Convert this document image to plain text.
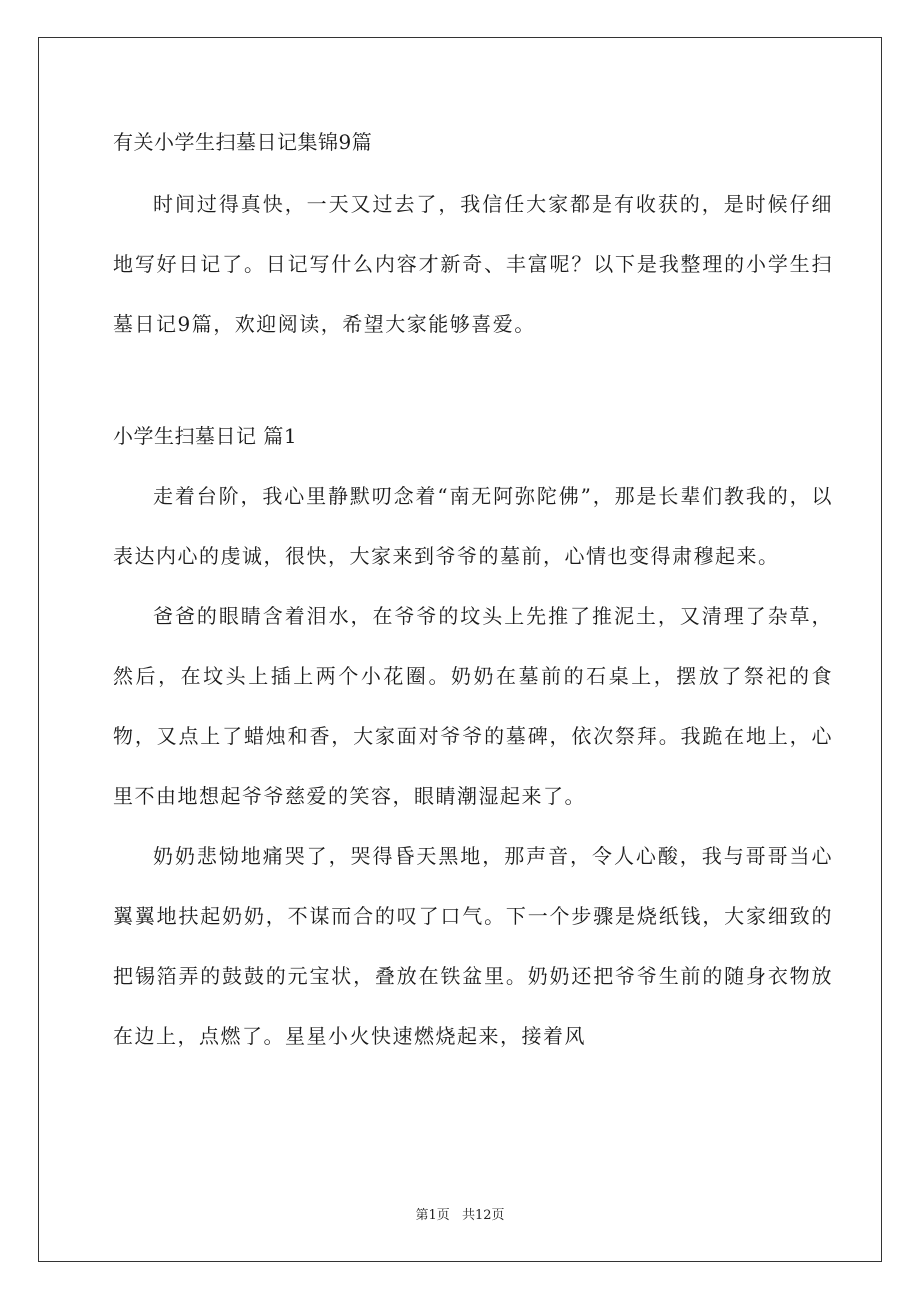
有关小学生扫墓日记集锦9篇

时间过得真快，一天又过去了，我信任大家都是有收获的，是时候仔细地写好日记了。日记写什么内容才新奇、丰富呢？以下是我整理的小学生扫墓日记9篇，欢迎阅读，希望大家能够喜爱。

小学生扫墓日记 篇1

走着台阶，我心里静默叨念着“南无阿弥陀佛”，那是长辈们教我的，以表达内心的虔诚，很快，大家来到爷爷的墓前，心情也变得肃穆起来。

爸爸的眼睛含着泪水，在爷爷的坟头上先推了推泥土，又清理了杂草，然后，在坟头上插上两个小花圈。奶奶在墓前的石桌上，摆放了祭祀的食物，又点上了蜡烛和香，大家面对爷爷的墓碑，依次祭拜。我跪在地上，心里不由地想起爷爷慈爱的笑容，眼睛潮湿起来了。

奶奶悲恸地痛哭了，哭得昏天黑地，那声音，令人心酸，我与哥哥当心翼翼地扶起奶奶，不谋而合的叹了口气。下一个步骤是烧纸钱，大家细致的把锡箔弄的鼓鼓的元宝状，叠放在铁盆里。奶奶还把爷爷生前的随身衣物放在边上，点燃了。星星小火快速燃烧起来，接着风

第1页 共12页
